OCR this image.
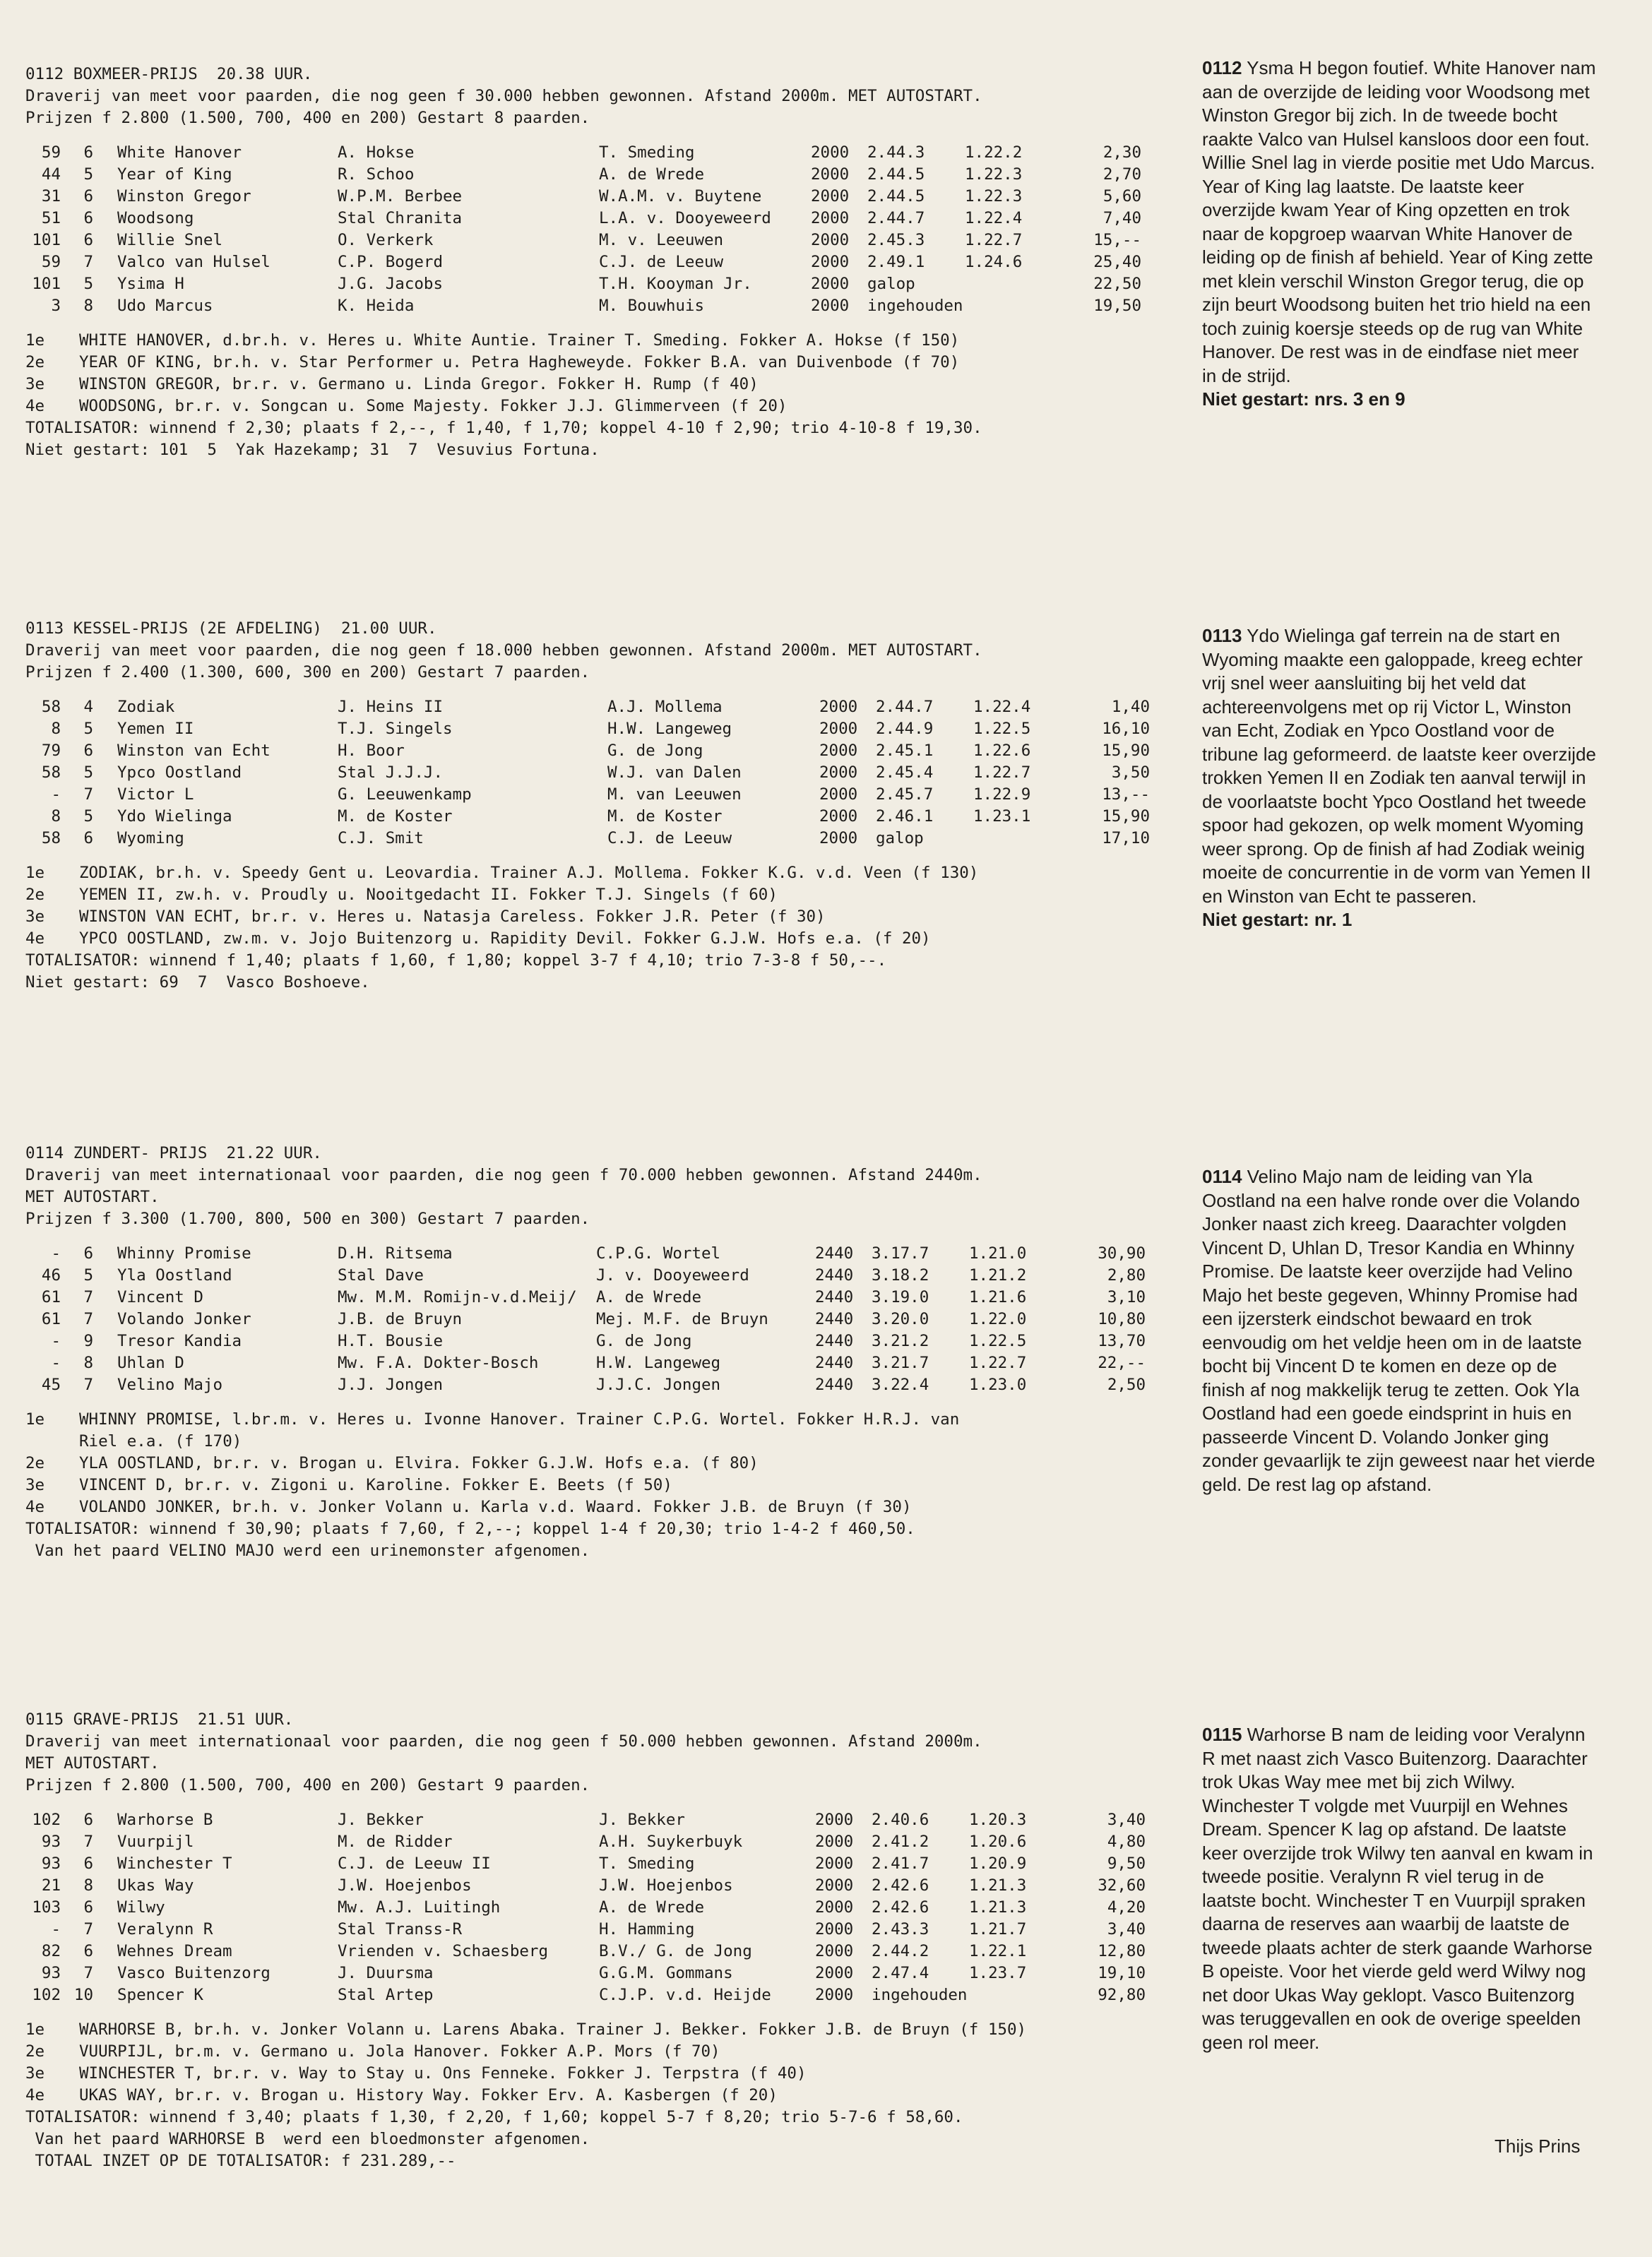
0112 BOXMEER-PRIJS  20.38 UUR.
Draverij van meet voor paarden, die nog geen f 30.000 hebben gewonnen. Afstand 2000m. MET AUTOSTART.
Prijzen f 2.800 (1.500, 700, 400 en 200) Gestart 8 paarden.
59	6	White Hanover	A. Hokse	T. Smeding	2000	2.44.3	1.22.2	2,30
44	5	Year of King	R. Schoo	A. de Wrede	2000	2.44.5	1.22.3	2,70
31	6	Winston Gregor	W.P.M. Berbee	W.A.M. v. Buytene	2000	2.44.5	1.22.3	5,60
51	6	Woodsong	Stal Chranita	L.A. v. Dooyeweerd	2000	2.44.7	1.22.4	7,40
101	6	Willie Snel	O. Verkerk	M. v. Leeuwen	2000	2.45.3	1.22.7	15,--
59	7	Valco van Hulsel	C.P. Bogerd	C.J. de Leeuw	2000	2.49.1	1.24.6	25,40
101	5	Ysima H	J.G. Jacobs	T.H. Kooyman Jr.	2000	galop	22,50
3	8	Udo Marcus	K. Heida	M. Bouwhuis	2000	ingehouden	19,50
1e WHITE HANOVER, d.br.h. v. Heres u. White Auntie. Trainer T. Smeding. Fokker A. Hokse (f 150)
2e YEAR OF KING, br.h. v. Star Performer u. Petra Hagheweyde. Fokker B.A. van Duivenbode (f 70)
3e WINSTON GREGOR, br.r. v. Germano u. Linda Gregor. Fokker H. Rump (f 40)
4e WOODSONG, br.r. v. Songcan u. Some Majesty. Fokker J.J. Glimmerveen (f 20)
TOTALISATOR: winnend f 2,30; plaats f 2,--, f 1,40, f 1,70; koppel 4-10 f 2,90; trio 4-10-8 f 19,30.
Niet gestart: 101  5  Yak Hazekamp; 31  7  Vesuvius Fortuna.
0113 KESSEL-PRIJS (2E AFDELING)  21.00 UUR.
Draverij van meet voor paarden, die nog geen f 18.000 hebben gewonnen. Afstand 2000m. MET AUTOSTART.
Prijzen f 2.400 (1.300, 600, 300 en 200) Gestart 7 paarden.
58	4	Zodiak	J. Heins II	A.J. Mollema	2000	2.44.7	1.22.4	1,40
8	5	Yemen II	T.J. Singels	H.W. Langeweg	2000	2.44.9	1.22.5	16,10
79	6	Winston van Echt	H. Boor	G. de Jong	2000	2.45.1	1.22.6	15,90
58	5	Ypco Oostland	Stal J.J.J.	W.J. van Dalen	2000	2.45.4	1.22.7	3,50
-	7	Victor L	G. Leeuwenkamp	M. van Leeuwen	2000	2.45.7	1.22.9	13,--
8	5	Ydo Wielinga	M. de Koster	M. de Koster	2000	2.46.1	1.23.1	15,90
58	6	Wyoming	C.J. Smit	C.J. de Leeuw	2000	galop	17,10
1e ZODIAK, br.h. v. Speedy Gent u. Leovardia. Trainer A.J. Mollema. Fokker K.G. v.d. Veen (f 130)
2e YEMEN II, zw.h. v. Proudly u. Nooitgedacht II. Fokker T.J. Singels (f 60)
3e WINSTON VAN ECHT, br.r. v. Heres u. Natasja Careless. Fokker J.R. Peter (f 30)
4e YPCO OOSTLAND, zw.m. v. Jojo Buitenzorg u. Rapidity Devil. Fokker G.J.W. Hofs e.a. (f 20)
TOTALISATOR: winnend f 1,40; plaats f 1,60, f 1,80; koppel 3-7 f 4,10; trio 7-3-8 f 50,--.
Niet gestart: 69  7  Vasco Boshoeve.
0114 ZUNDERT- PRIJS  21.22 UUR.
Draverij van meet internationaal voor paarden, die nog geen f 70.000 hebben gewonnen. Afstand 2440m.
MET AUTOSTART.
Prijzen f 3.300 (1.700, 800, 500 en 300) Gestart 7 paarden.
-	6	Whinny Promise	D.H. Ritsema	C.P.G. Wortel	2440	3.17.7	1.21.0	30,90
46	5	Yla Oostland	Stal Dave	J. v. Dooyeweerd	2440	3.18.2	1.21.2	2,80
61	7	Vincent D	Mw. M.M. Romijn-v.d.Meij/	A. de Wrede	2440	3.19.0	1.21.6	3,10
61	7	Volando Jonker	J.B. de Bruyn	Mej. M.F. de Bruyn	2440	3.20.0	1.22.0	10,80
-	9	Tresor Kandia	H.T. Bousie	G. de Jong	2440	3.21.2	1.22.5	13,70
-	8	Uhlan D	Mw. F.A. Dokter-Bosch	H.W. Langeweg	2440	3.21.7	1.22.7	22,--
45	7	Velino Majo	J.J. Jongen	J.J.C. Jongen	2440	3.22.4	1.23.0	2,50
1e WHINNY PROMISE, l.br.m. v. Heres u. Ivonne Hanover. Trainer C.P.G. Wortel. Fokker H.R.J. van
Riel e.a. (f 170)
2e YLA OOSTLAND, br.r. v. Brogan u. Elvira. Fokker G.J.W. Hofs e.a. (f 80)
3e VINCENT D, br.r. v. Zigoni u. Karoline. Fokker E. Beets (f 50)
4e VOLANDO JONKER, br.h. v. Jonker Volann u. Karla v.d. Waard. Fokker J.B. de Bruyn (f 30)
TOTALISATOR: winnend f 30,90; plaats f 7,60, f 2,--; koppel 1-4 f 20,30; trio 1-4-2 f 460,50.
Van het paard VELINO MAJO werd een urinemonster afgenomen.
0115 GRAVE-PRIJS  21.51 UUR.
Draverij van meet internationaal voor paarden, die nog geen f 50.000 hebben gewonnen. Afstand 2000m.
MET AUTOSTART.
Prijzen f 2.800 (1.500, 700, 400 en 200) Gestart 9 paarden.
102	6	Warhorse B	J. Bekker	J. Bekker	2000	2.40.6	1.20.3	3,40
93	7	Vuurpijl	M. de Ridder	A.H. Suykerbuyk	2000	2.41.2	1.20.6	4,80
93	6	Winchester T	C.J. de Leeuw II	T. Smeding	2000	2.41.7	1.20.9	9,50
21	8	Ukas Way	J.W. Hoejenbos	J.W. Hoejenbos	2000	2.42.6	1.21.3	32,60
103	6	Wilwy	Mw. A.J. Luitingh	A. de Wrede	2000	2.42.6	1.21.3	4,20
-	7	Veralynn R	Stal Transs-R	H. Hamming	2000	2.43.3	1.21.7	3,40
82	6	Wehnes Dream	Vrienden v. Schaesberg	B.V./ G. de Jong	2000	2.44.2	1.22.1	12,80
93	7	Vasco Buitenzorg	J. Duursma	G.G.M. Gommans	2000	2.47.4	1.23.7	19,10
102 10	Spencer K	Stal Artep	C.J.P. v.d. Heijde	2000	ingehouden	92,80
1e WARHORSE B, br.h. v. Jonker Volann u. Larens Abaka. Trainer J. Bekker. Fokker J.B. de Bruyn (f 150)
2e VUURPIJL, br.m. v. Germano u. Jola Hanover. Fokker A.P. Mors (f 70)
3e WINCHESTER T, br.r. v. Way to Stay u. Ons Fenneke. Fokker J. Terpstra (f 40)
4e UKAS WAY, br.r. v. Brogan u. History Way. Fokker Erv. A. Kasbergen (f 20)
TOTALISATOR: winnend f 3,40; plaats f 1,30, f 2,20, f 1,60; koppel 5-7 f 8,20; trio 5-7-6 f 58,60.
Van het paard WARHORSE B  werd een bloedmonster afgenomen.
TOTAAL INZET OP DE TOTALISATOR: f 231.289,--

0112 Ysma H begon foutief. White Hanover nam aan de overzijde de leiding voor Woodsong met Winston Gregor bij zich. In de tweede bocht raakte Valco van Hulsel kansloos door een fout. Willie Snel lag in vierde positie met Udo Marcus. Year of King lag laatste. De laatste keer overzijde kwam Year of King opzetten en trok naar de kopgroep waarvan White Hanover de leiding op de finish af behield. Year of King zette met klein verschil Winston Gregor terug, die op zijn beurt Woodsong buiten het trio hield na een toch zuinig koersje steeds op de rug van White Hanover. De rest was in de eindfase niet meer in de strijd.

Niet gestart: nrs. 3 en 9

0113 Ydo Wielinga gaf terrein na de start en Wyoming maakte een galoppade, kreeg echter vrij snel weer aansluiting bij het veld dat achtereenvolgens met op rij Victor L, Winston van Echt, Zodiak en Ypco Oostland voor de tribune lag geformeerd. de laatste keer overzijde trokken Yemen II en Zodiak ten aanval terwijl in de voorlaatste bocht Ypco Oostland het tweede spoor had gekozen, op welk moment Wyoming weer sprong. Op de finish af had Zodiak weinig moeite de concurrentie in de vorm van Yemen II en Winston van Echt te passeren.

Niet gestart: nr. 1

0114 Velino Majo nam de leiding van Yla Oostland na een halve ronde over die Volando Jonker naast zich kreeg. Daarachter volgden Vincent D, Uhlan D, Tresor Kandia en Whinny Promise. De laatste keer overzijde had Velino Majo het beste gegeven, Whinny Promise had een ijzersterk eindschot bewaard en trok eenvoudig om het veldje heen om in de laatste bocht bij Vincent D te komen en deze op de finish af nog makkelijk terug te zetten. Ook Yla Oostland had een goede eindsprint in huis en passeerde Vincent D. Volando Jonker ging zonder gevaarlijk te zijn geweest naar het vierde geld. De rest lag op afstand.

0115 Warhorse B nam de leiding voor Veralynn R met naast zich Vasco Buitenzorg. Daarachter trok Ukas Way mee met bij zich Wilwy. Winchester T volgde met Vuurpijl en Wehnes Dream. Spencer K lag op afstand. De laatste keer overzijde trok Wilwy ten aanval en kwam in tweede positie. Veralynn R viel terug in de laatste bocht. Winchester T en Vuurpijl spraken daarna de reserves aan waarbij de laatste de tweede plaats achter de sterk gaande Warhorse B opeiste. Voor het vierde geld werd Wilwy nog net door Ukas Way geklopt. Vasco Buitenzorg was teruggevallen en ook de overige speelden geen rol meer.

Thijs Prins
